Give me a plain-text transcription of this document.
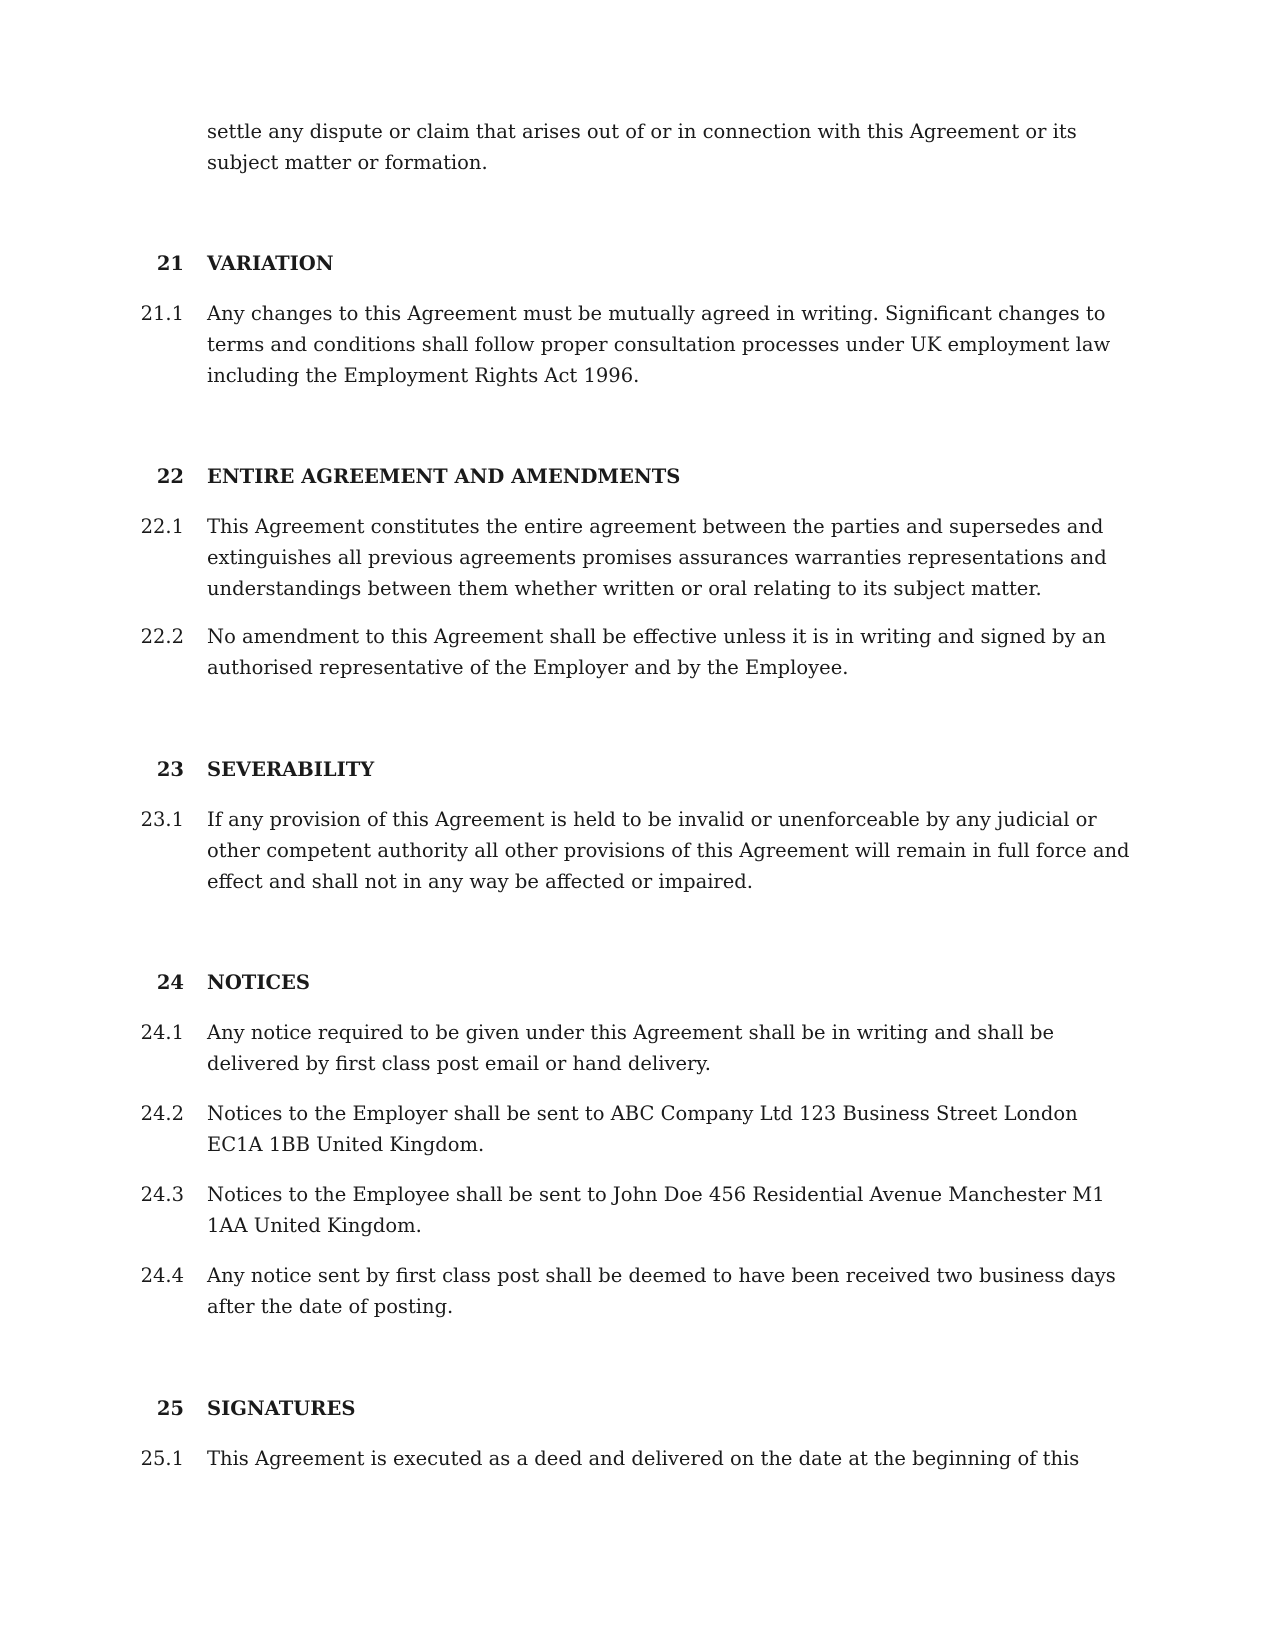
settle any dispute or claim that arises out of or in connection with this Agreement or its subject matter or formation.

21 VARIATION
21.1 Any changes to this Agreement must be mutually agreed in writing. Significant changes to terms and conditions shall follow proper consultation processes under UK employment law including the Employment Rights Act 1996.

22 ENTIRE AGREEMENT AND AMENDMENTS
22.1 This Agreement constitutes the entire agreement between the parties and supersedes and extinguishes all previous agreements promises assurances warranties representations and understandings between them whether written or oral relating to its subject matter.

22.2 No amendment to this Agreement shall be effective unless it is in writing and signed by an authorised representative of the Employer and by the Employee.

23 SEVERABILITY
23.1 If any provision of this Agreement is held to be invalid or unenforceable by any judicial or other competent authority all other provisions of this Agreement will remain in full force and effect and shall not in any way be affected or impaired.

24 NOTICES
24.1 Any notice required to be given under this Agreement shall be in writing and shall be delivered by first class post email or hand delivery.

24.2 Notices to the Employer shall be sent to ABC Company Ltd 123 Business Street London EC1A 1BB United Kingdom.

24.3 Notices to the Employee shall be sent to John Doe 456 Residential Avenue Manchester M1 1AA United Kingdom.

24.4 Any notice sent by first class post shall be deemed to have been received two business days after the date of posting.

25 SIGNATURES
25.1 This Agreement is executed as a deed and delivered on the date at the beginning of this
